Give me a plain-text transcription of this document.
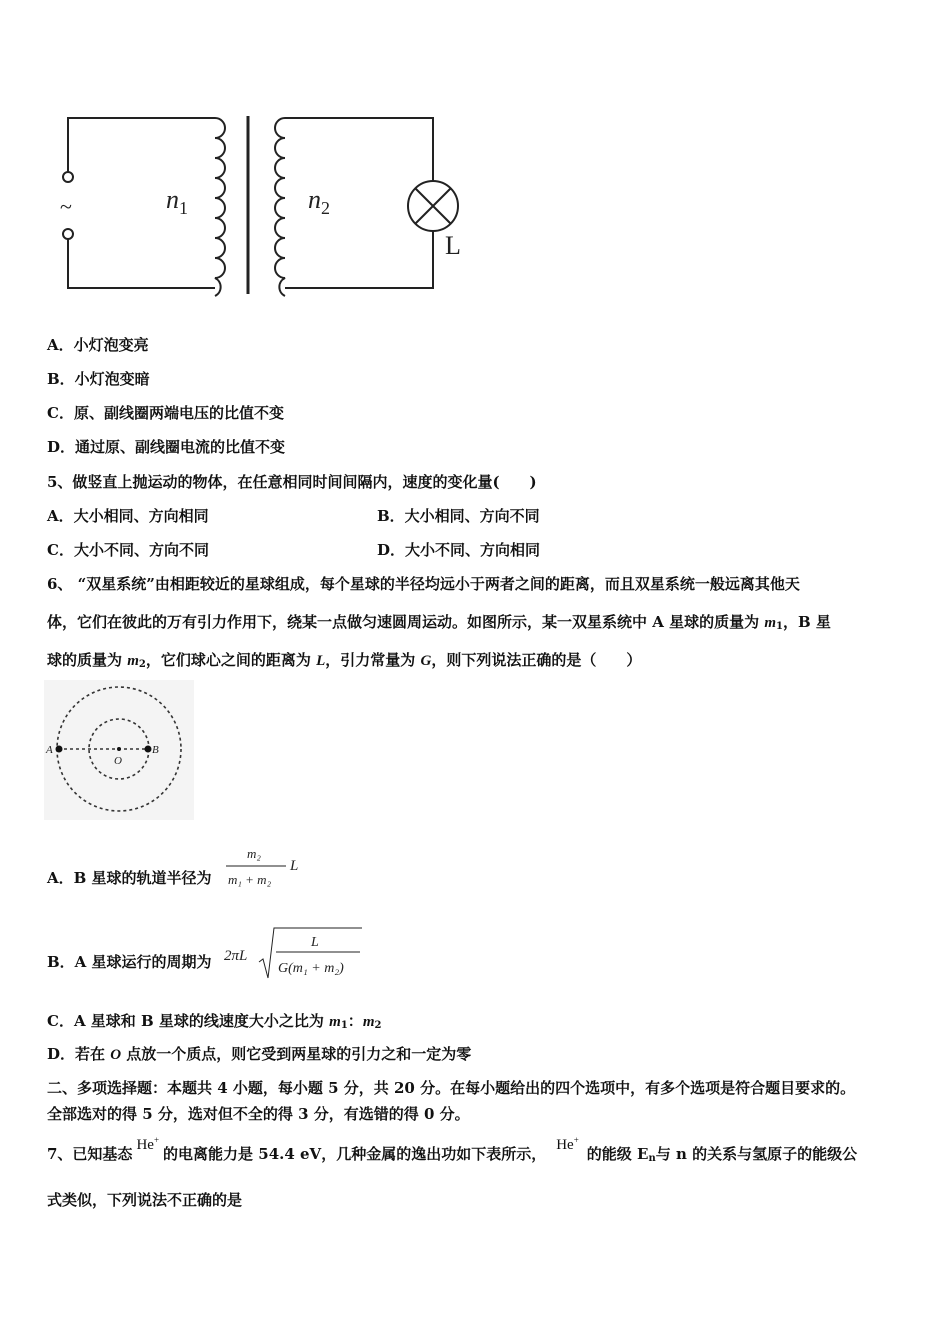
~	$n_1$	$n_2$
L
A．小灯泡变亮
B．小灯泡变暗
C．原、副线圈两端电压的比值不变
D．通过原、副线圈电流的比值不变
5、做竖直上抛运动的物体，在任意相同时间间隔内，速度的变化量(　　)
A．大小相同、方向相同	B．大小相同、方向不同
C．大小不同、方向不同	D．大小不同、方向相同
6、 “双星系统”由相距较近的星球组成，每个星球的半径均远小于两者之间的距离，而且双星系统一般远离其他天
体，它们在彼此的万有引力作用下，绕某一点做匀速圆周运动。如图所示，某一双星系统中 A 星球的质量为 $m_1$，B 星
球的质量为 $m_2$，它们球心之间的距离为 L，引力常量为 G，则下列说法正确的是（　　）
A	B
O
A．B 星球的轨道半径为
m₂
m₁ + m₂
L
B．A 星球运行的周期为 2πL
L
G(m₁ + m₂)
C．A 星球和 B 星球的线速度大小之比为 $m_1$：$m_2$
D．若在 O 点放一个质点，则它受到两星球的引力之和一定为零
二、多项选择题：本题共 4 小题，每小题 5 分，共 20 分。在每小题给出的四个选项中，有多个选项是符合题目要求的。
全部选对的得 5 分，选对但不全的得 3 分，有选错的得 0 分。
7、已知基态 He+的电离能力是 54.4 eV，几种金属的逸出功如下表所示， He+的能级 $E_n$与 n 的关系与氢原子的能级公
式类似，下列说法不正确的是
